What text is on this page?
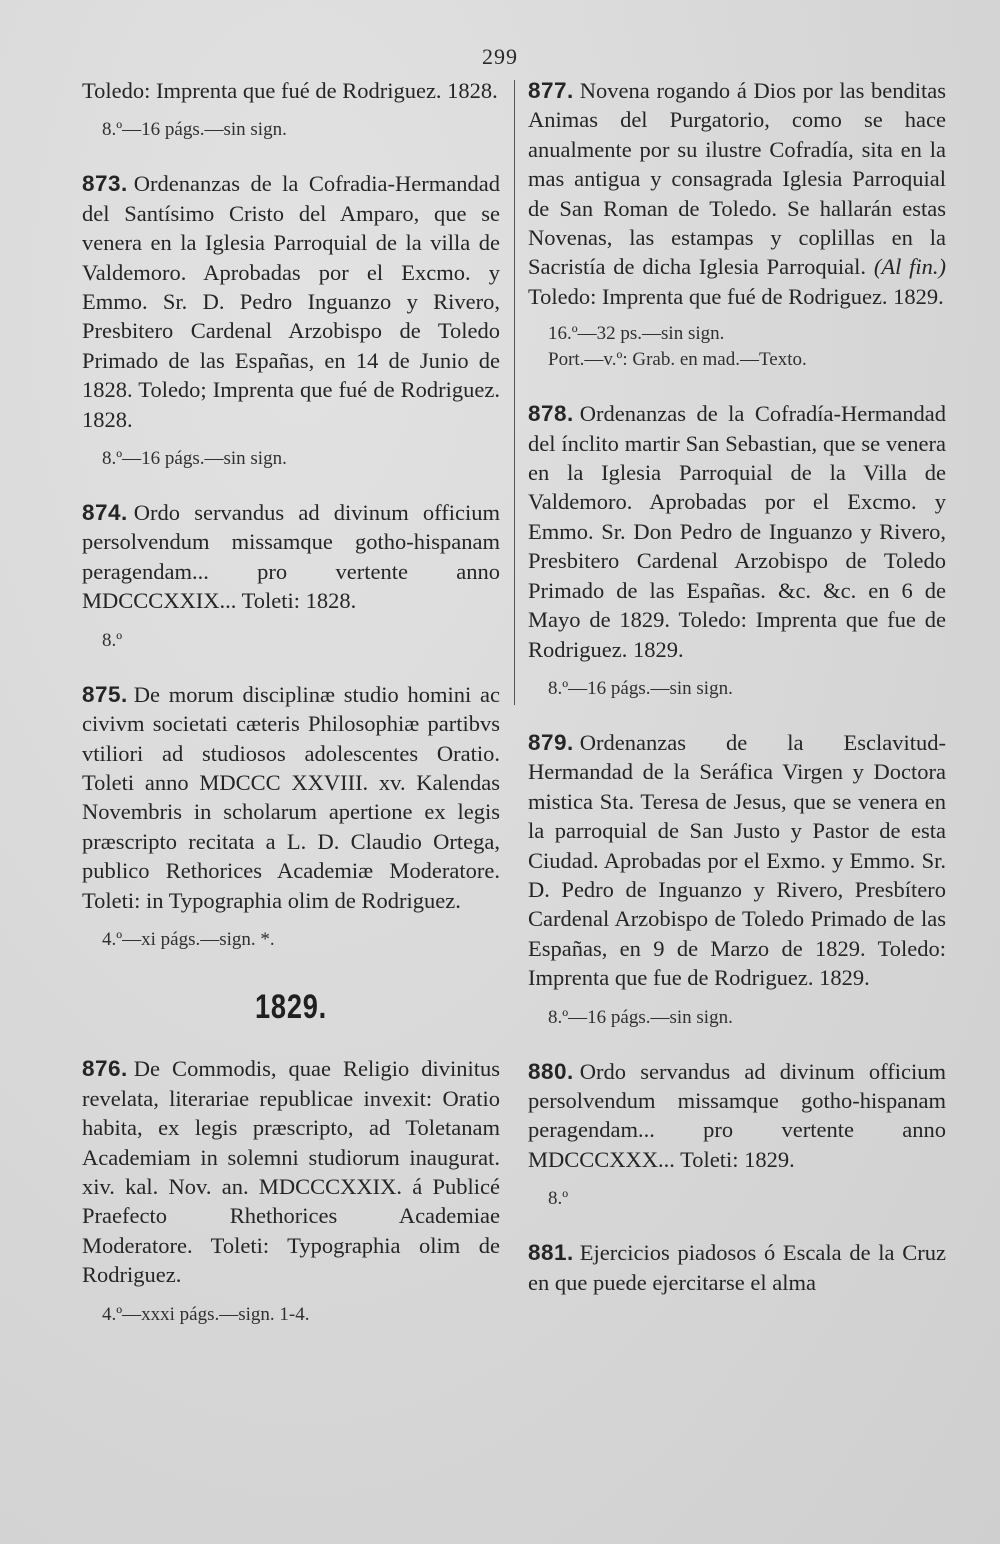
299

Toledo: Imprenta que fué de Rodriguez. 1828.

8.º—16 págs.—sin sign.

873. Ordenanzas de la Cofradia-Hermandad del Santísimo Cristo del Amparo, que se venera en la Iglesia Parroquial de la villa de Valdemoro. Aprobadas por el Excmo. y Emmo. Sr. D. Pedro Inguanzo y Rivero, Presbitero Cardenal Arzobispo de Toledo Primado de las Españas, en 14 de Junio de 1828. Toledo; Imprenta que fué de Rodriguez. 1828.

8.º—16 págs.—sin sign.

874. Ordo servandus ad divinum officium persolvendum missamque gotho-hispanam peragendam... pro vertente anno MDCCCXXIX... Toleti: 1828.

8.º

875. De morum disciplinæ studio homini ac civivm societati cæteris Philosophiæ partibvs vtiliori ad studiosos adolescentes Oratio. Toleti anno MDCCC XXVIII. xv. Kalendas Novembris in scholarum apertione ex legis præscripto recitata a L. D. Claudio Ortega, publico Rethorices Academiæ Moderatore. Toleti: in Typographia olim de Rodriguez.

4.º—xi págs.—sign. *.

1829.

876. De Commodis, quae Religio divinitus revelata, literariae republicae invexit: Oratio habita, ex legis præscripto, ad Toletanam Academiam in solemni studiorum inaugurat. xiv. kal. Nov. an. MDCCCXXIX. á Publicé Praefecto Rhethorices Academiae Moderatore. Toleti: Typographia olim de Rodriguez.

4.º—xxxi págs.—sign. 1-4.

877. Novena rogando á Dios por las benditas Animas del Purgatorio, como se hace anualmente por su ilustre Cofradía, sita en la mas antigua y consagrada Iglesia Parroquial de San Roman de Toledo. Se hallarán estas Novenas, las estampas y coplillas en la Sacristía de dicha Iglesia Parroquial. (Al fin.) Toledo: Imprenta que fué de Rodriguez. 1829.

16.º—32 ps.—sin sign.

Port.—v.º: Grab. en mad.—Texto.

878. Ordenanzas de la Cofradía-Hermandad del ínclito martir San Sebastian, que se venera en la Iglesia Parroquial de la Villa de Valdemoro. Aprobadas por el Excmo. y Emmo. Sr. Don Pedro de Inguanzo y Rivero, Presbitero Cardenal Arzobispo de Toledo Primado de las Españas. &c. &c. en 6 de Mayo de 1829. Toledo: Imprenta que fue de Rodriguez. 1829.

8.º—16 págs.—sin sign.

879. Ordenanzas de la Esclavitud-Hermandad de la Seráfica Virgen y Doctora mistica Sta. Teresa de Jesus, que se venera en la parroquial de San Justo y Pastor de esta Ciudad. Aprobadas por el Exmo. y Emmo. Sr. D. Pedro de Inguanzo y Rivero, Presbítero Cardenal Arzobispo de Toledo Primado de las Españas, en 9 de Marzo de 1829. Toledo: Imprenta que fue de Rodriguez. 1829.

8.º—16 págs.—sin sign.

880. Ordo servandus ad divinum officium persolvendum missamque gotho-hispanam peragendam... pro vertente anno MDCCCXXX... Toleti: 1829.

8.º

881. Ejercicios piadosos ó Escala de la Cruz en que puede ejercitarse el alma
